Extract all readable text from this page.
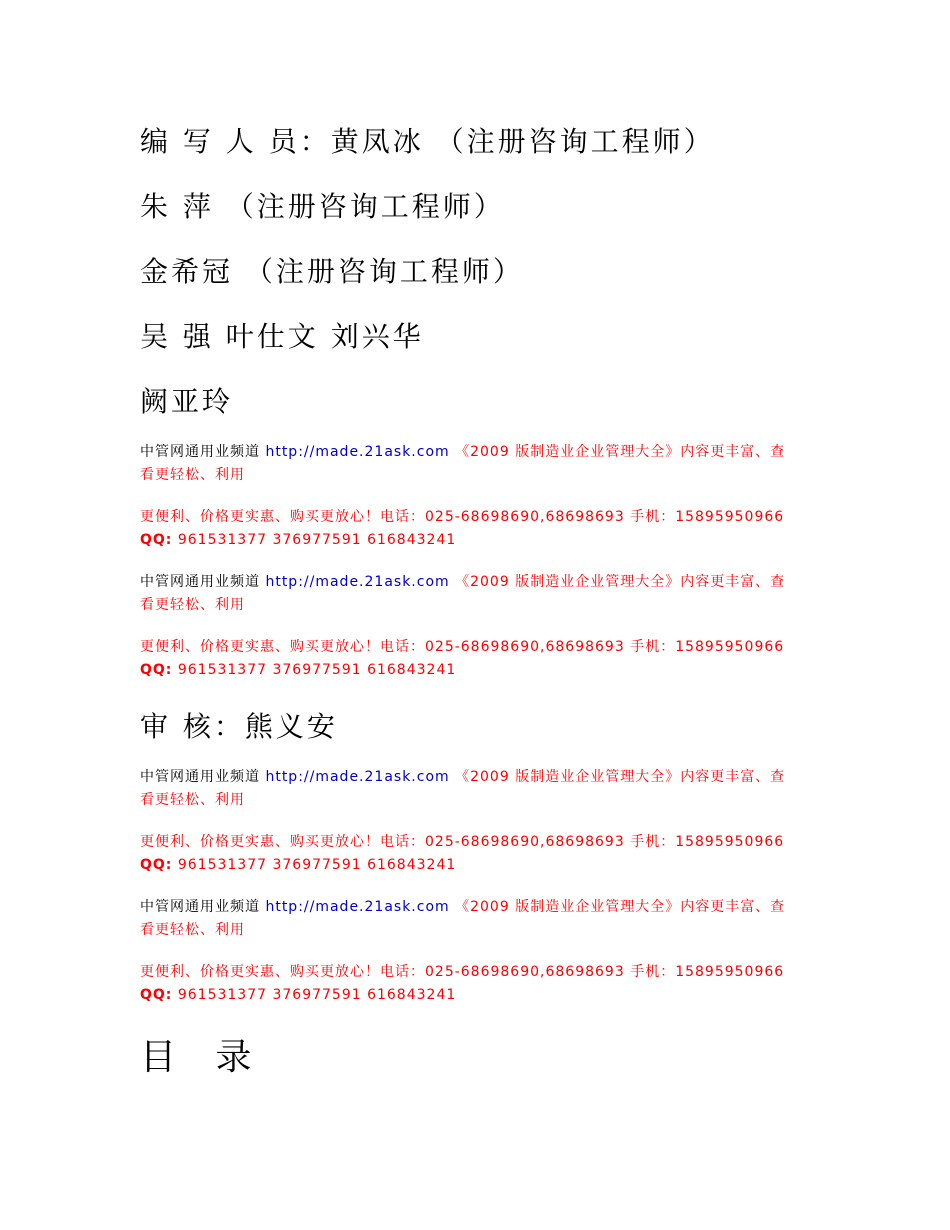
编 写 人 员：黄凤冰 （注册咨询工程师）

朱 萍 （注册咨询工程师）

金希冠 （注册咨询工程师）

吴 强 叶仕文 刘兴华

阙亚玲

中管网通用业频道 http://made.21ask.com 《2009 版制造业企业管理大全》内容更丰富、查
看更轻松、利用
更便利、价格更实惠、购买更放心！电话：025-68698690,68698693 手机：15895950966
QQ: 961531377 376977591 616843241
中管网通用业频道 http://made.21ask.com 《2009 版制造业企业管理大全》内容更丰富、查
看更轻松、利用
更便利、价格更实惠、购买更放心！电话：025-68698690,68698693 手机：15895950966
QQ: 961531377 376977591 616843241

审 核：熊义安

中管网通用业频道 http://made.21ask.com 《2009 版制造业企业管理大全》内容更丰富、查
看更轻松、利用
更便利、价格更实惠、购买更放心！电话：025-68698690,68698693 手机：15895950966
QQ: 961531377 376977591 616843241
中管网通用业频道 http://made.21ask.com 《2009 版制造业企业管理大全》内容更丰富、查
看更轻松、利用
更便利、价格更实惠、购买更放心！电话：025-68698690,68698693 手机：15895950966
QQ: 961531377 376977591 616843241

目 录
